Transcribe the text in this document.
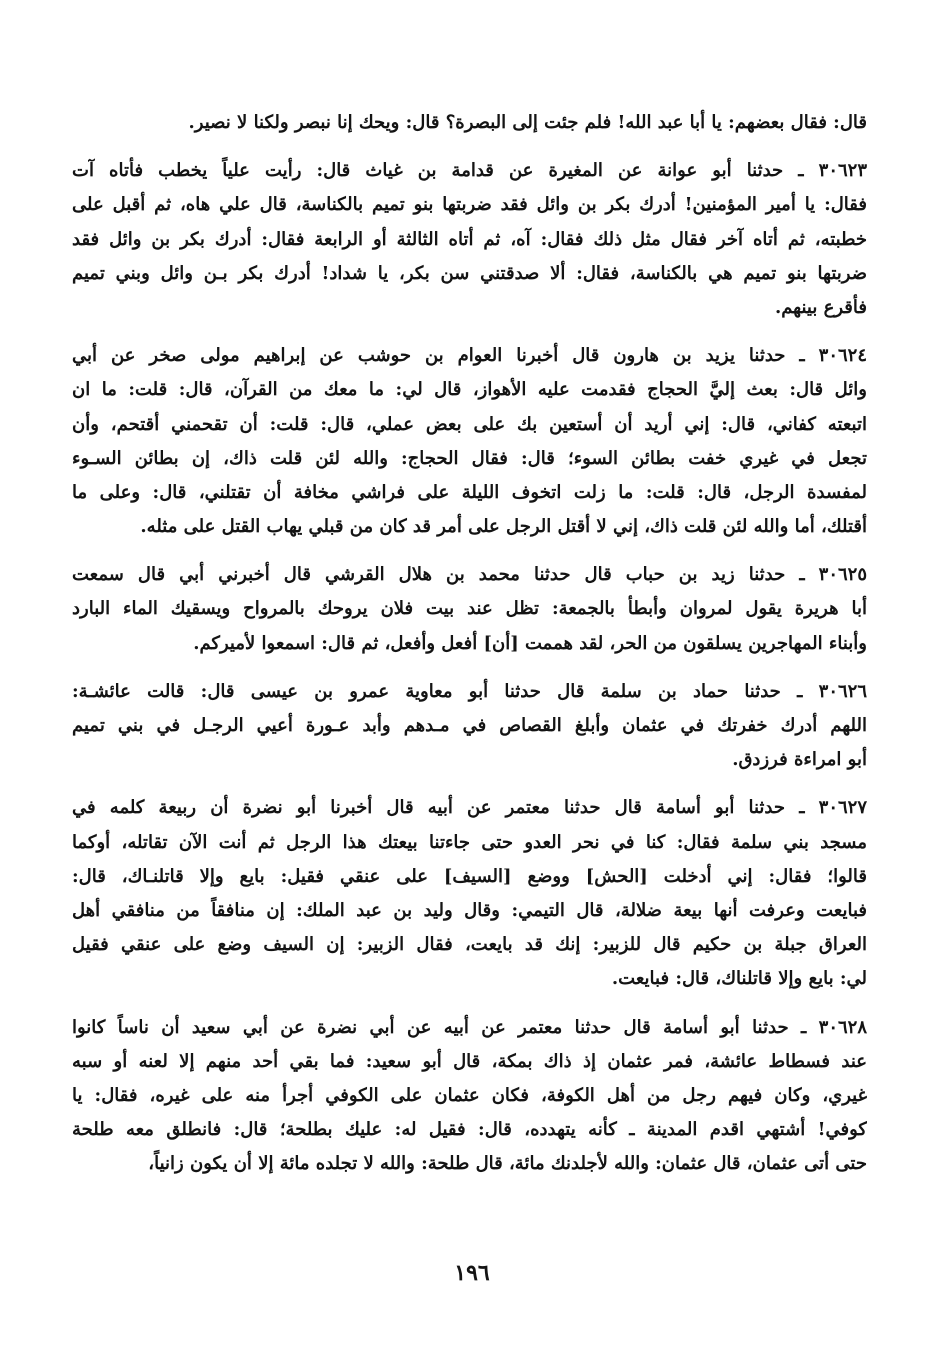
قال: فقال بعضهم: يا أبا عبد الله! فلم جئت إلى البصرة؟ قال: ويحك إنا نبصر ولكنا لا نصير.
٣٠٦٢٣ ـ حدثنا أبو عوانة عن المغيرة عن قدامة بن غياث قال: رأيت علياً يخطب فأتاه آت
فقال: يا أمير المؤمنين! أدرك بكر بن وائل فقد ضربتها بنو تميم بالكناسة، قال علي هاه، ثم أقبل على
خطبته، ثم أتاه آخر فقال مثل ذلك فقال: آه، ثم أتاه الثالثة أو الرابعة فقال: أدرك بكر بن وائل فقد
ضربتها بنو تميم هي بالكناسة، فقال: ألا صدقتني سن بكر، يا شداد! أدرك بكر بـن وائل وبني تميم
فأقرع بينهم.
٣٠٦٢٤ ـ حدثنا يزيد بن هارون قال أخبرنا العوام بن حوشب عن إبراهيم مولى صخر عن أبي
وائل قال: بعث إليَّ الحجاج فقدمت عليه الأهواز، قال لي: ما معك من القرآن، قال: قلت: ما ان
اتبعته كفاني، قال: إني أريد أن أستعين بك على بعض عملي، قال: قلت: أن تقحمني أقتحم، وأن
تجعل في غيري خفت بطائن السوء؛ قال: فقال الحجاج: والله لئن قلت ذاك، إن بطائن السـوء
لمفسدة الرجل، قال: قلت: ما زلت اتخوف الليلة على فراشي مخافة أن تقتلني، قال: وعلى ما
أقتلك، أما والله لئن قلت ذاك، إني لا أقتل الرجل على أمر قد كان من قبلي يهاب القتل على مثله.
٣٠٦٢٥ ـ حدثنا زيد بن حباب قال حدثنا محمد بن هلال القرشي قال أخبرني أبي قال سمعت
أبا هريرة يقول لمروان وأبطأ بالجمعة: تظل عند بيت فلان يروحك بالمرواح ويسقيك الماء البارد
وأبناء المهاجرين يسلقون من الحر، لقد هممت [أن] أفعل وأفعل، ثم قال: اسمعوا لأميركم.
٣٠٦٢٦ ـ حدثنا حماد بن سلمة قال حدثنا أبو معاوية عمرو بن عيسى قال: قالت عائشـة:
اللهم أدرك خفرتك في عثمان وأبلغ القصاص في مـدهم وأبد عـورة أعيي الرجـل في بني تميم
أبو امراءة فرزدق.
٣٠٦٢٧ ـ حدثنا أبو أسامة قال حدثنا معتمر عن أبيه قال أخبرنا أبو نضرة أن ربيعة كلمه في
مسجد بني سلمة فقال: كنا في نحر العدو حتى جاءتنا بيعتك هذا الرجل ثم أنت الآن تقاتله، أوكما
قالوا؛ فقال: إني أدخلت [الحش] ووضع [السيف] على عنقي فقيل: بايع وإلا قاتلنـاك، قال:
فبايعت وعرفت أنها بيعة ضلالة، قال التيمي: وقال وليد بن عبد الملك: إن منافقاً من منافقي أهل
العراق جبلة بن حكيم قال للزبير: إنك قد بايعت، فقال الزبير: إن السيف وضع على عنقي فقيل
لي: بايع وإلا قاتلناك، قال: فبايعت.
٣٠٦٢٨ ـ حدثنا أبو أسامة قال حدثنا معتمر عن أبيه عن أبي نضرة عن أبي سعيد أن ناساً كانوا
عند فسطاط عائشة، فمر عثمان إذ ذاك بمكة، قال أبو سعيد: فما بقي أحد منهم إلا لعنه أو سبه
غيري، وكان فيهم رجل من أهل الكوفة، فكان عثمان على الكوفي أجرأ منه على غيره، فقال: يا
كوفي! أشتهي اقدم المدينة ـ كأنه يتهدده، قال: فقيل له: عليك بطلحة؛ قال: فانطلق معه طلحة
حتى أتى عثمان، قال عثمان: والله لأجلدنك مائة، قال طلحة: والله لا تجلده مائة إلا أن يكون زانياً،
١٩٦
